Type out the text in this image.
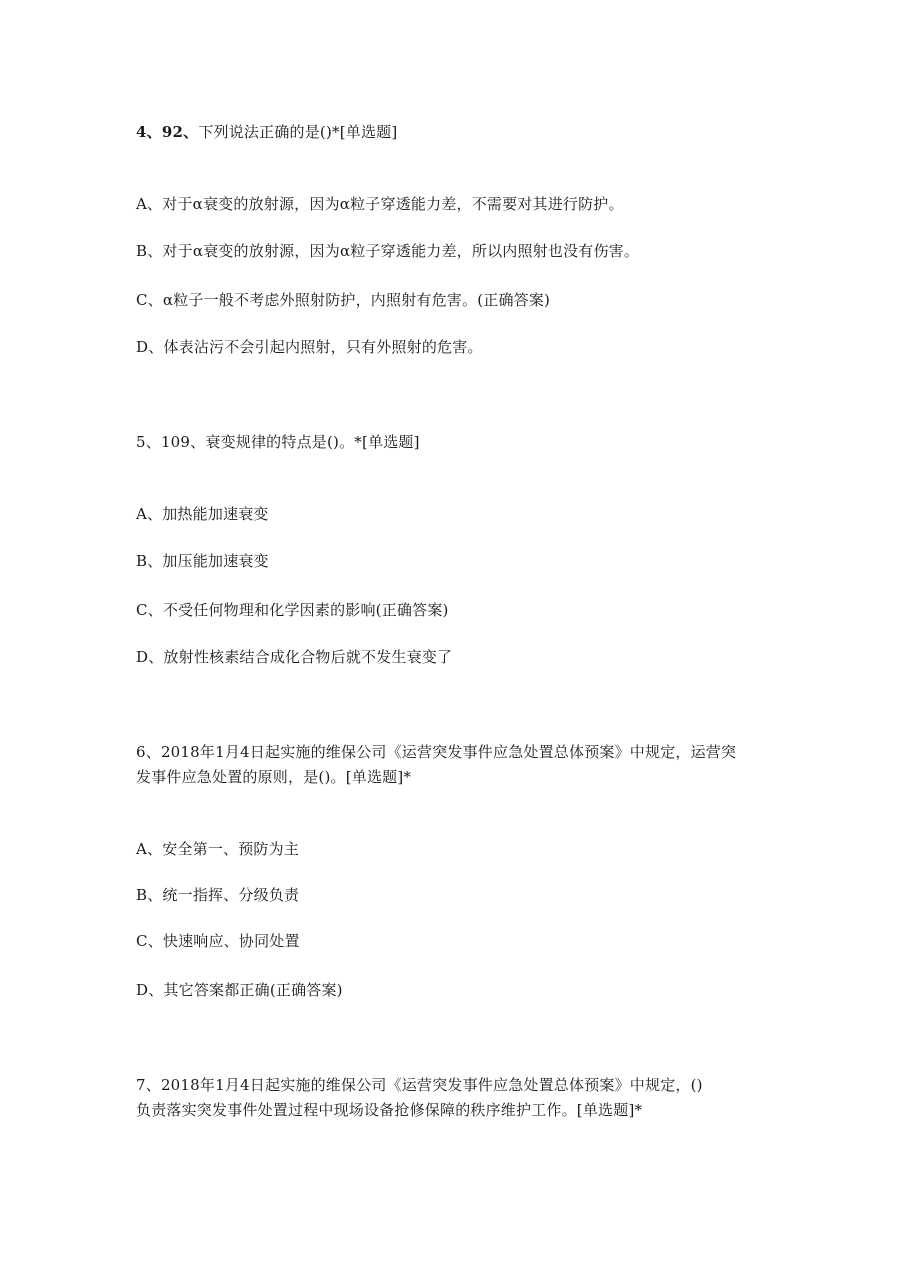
4、92、下列说法正确的是()*[单选题]
A、对于α衰变的放射源，因为α粒子穿透能力差，不需要对其进行防护。
B、对于α衰变的放射源，因为α粒子穿透能力差，所以内照射也没有伤害。
C、α粒子一般不考虑外照射防护，内照射有危害。(正确答案)
D、体表沾污不会引起内照射，只有外照射的危害。
5、109、衰变规律的特点是()。*[单选题]
A、加热能加速衰变
B、加压能加速衰变
C、不受任何物理和化学因素的影响(正确答案)
D、放射性核素结合成化合物后就不发生衰变了
6、2018年1月4日起实施的维保公司《运营突发事件应急处置总体预案》中规定，运营突
发事件应急处置的原则，是()。[单选题]*
A、安全第一、预防为主
B、统一指挥、分级负责
C、快速响应、协同处置
D、其它答案都正确(正确答案)
7、2018年1月4日起实施的维保公司《运营突发事件应急处置总体预案》中规定，()
负责落实突发事件处置过程中现场设备抢修保障的秩序维护工作。[单选题]*
